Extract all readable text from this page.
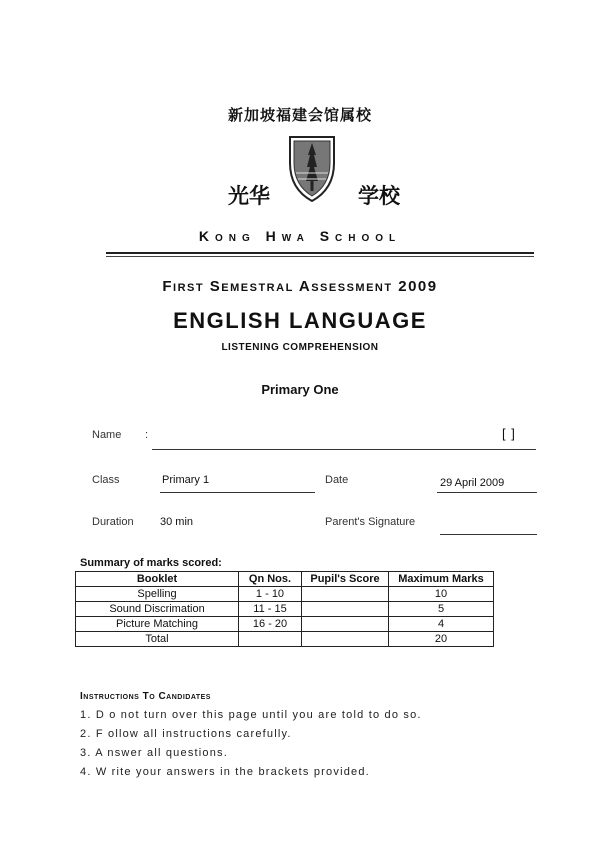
新加坡福建会馆属校
光华	学校
Kong Hwa School
First Semestral Assessment 2009
ENGLISH LANGUAGE
LISTENING COMPREHENSION
Primary One
Name :	[ ]
Class	Primary 1	Date	29 April 2009
Duration 30 min	Parent's Signature
Summary of marks scored:
Booklet	Qn Nos.	Pupil's Score	Maximum Marks
Spelling	1 - 10		10
Sound Discrimation	11 - 15		5
Picture Matching	16 - 20		4
Total			20
Instructions To Candidates
1. D o not turn over this page until you are told to do so.
2. F ollow all instructions carefully.
3. A nswer all questions.
4. W rite your answers in the brackets provided.
